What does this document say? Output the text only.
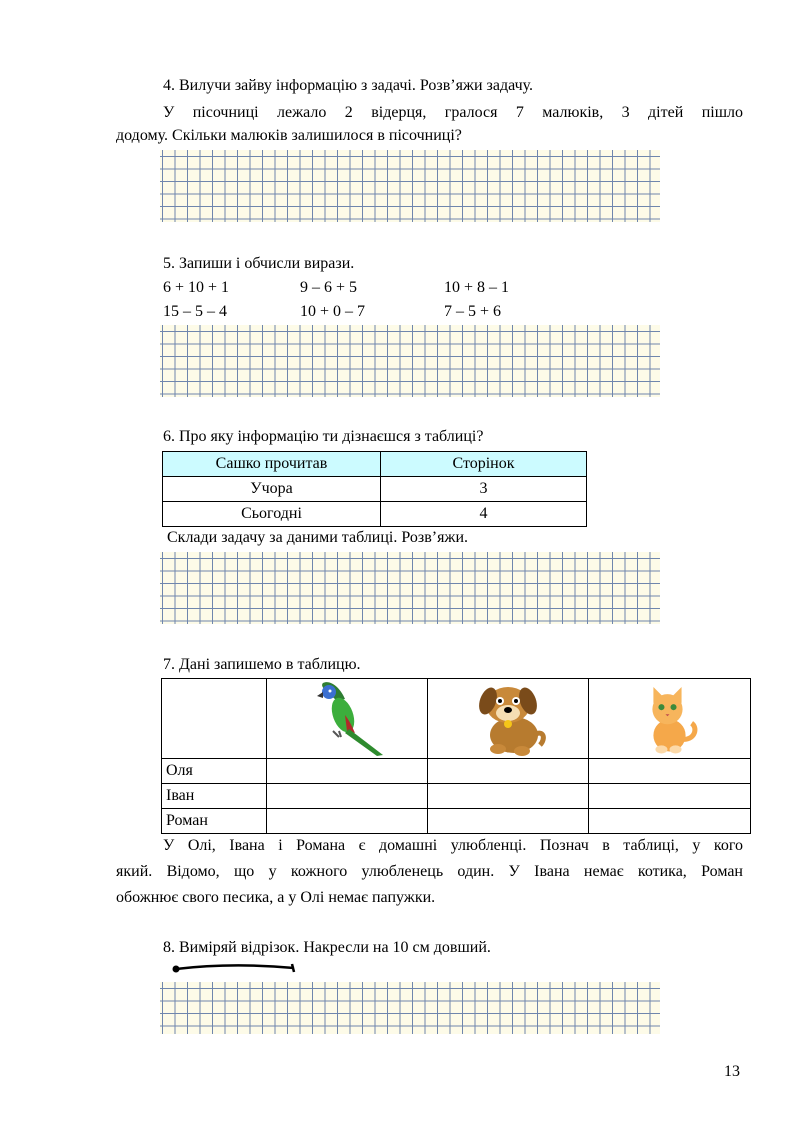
4. Вилучи зайву інформацію з задачі. Розв’яжи задачу.
У пісочниці лежало 2 відерця, гралося 7 малюків, 3 дітей пішло
додому. Скільки малюків залишилося в пісочниці?
5. Запиши і обчисли вирази.
6 + 10 + 1	9 – 6 + 5	10 + 8 – 1
15 – 5 – 4	10 + 0 – 7	7 – 5 + 6
6. Про яку інформацію ти дізнаєшся з таблиці?
Сашко прочитав	Сторінок
Учора	3
Сьогодні	4
Склади задачу за даними таблиці. Розв’яжи.
7. Дані запишемо в таблицю.

Оля			
Іван			
Роман			
У Олі, Івана і Романа є домашні улюбленці. Познач в таблиці, у кого
який. Відомо, що у кожного улюбленець один. У Івана немає котика, Роман
обожнює свого песика, а у Олі немає папужки.
8. Виміряй відрізок. Накресли на 10 см довший.
13
